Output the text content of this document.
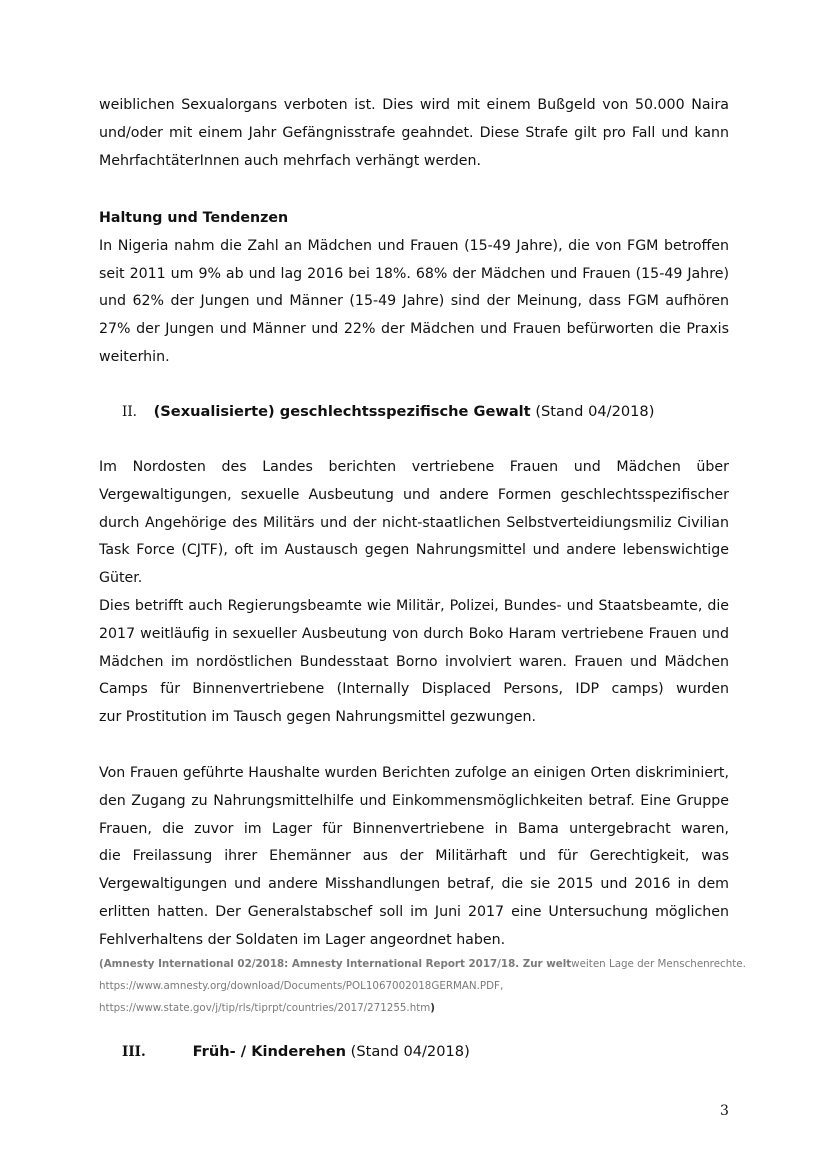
weiblichen Sexualorgans verboten ist. Dies wird mit einem Bußgeld von 50.000 Naira
und/oder mit einem Jahr Gefängnisstrafe geahndet. Diese Strafe gilt pro Fall und kann
MehrfachtäterInnen auch mehrfach verhängt werden.
Haltung und Tendenzen
In Nigeria nahm die Zahl an Mädchen und Frauen (15-49 Jahre), die von FGM betroffen
seit 2011 um 9% ab und lag 2016 bei 18%. 68% der Mädchen und Frauen (15-49 Jahre)
und 62% der Jungen und Männer (15-49 Jahre) sind der Meinung, dass FGM aufhören
27% der Jungen und Männer und 22% der Mädchen und Frauen befürworten die Praxis
weiterhin.
II. (Sexualisierte) geschlechtsspezifische Gewalt (Stand 04/2018)
Im Nordosten des Landes berichten vertriebene Frauen und Mädchen über
Vergewaltigungen, sexuelle Ausbeutung und andere Formen geschlechtsspezifischer
durch Angehörige des Militärs und der nicht-staatlichen Selbstverteidiungsmiliz Civilian
Task Force (CJTF), oft im Austausch gegen Nahrungsmittel und andere lebenswichtige
Güter.
Dies betrifft auch Regierungsbeamte wie Militär, Polizei, Bundes- und Staatsbeamte, die
2017 weitläufig in sexueller Ausbeutung von durch Boko Haram vertriebene Frauen und
Mädchen im nordöstlichen Bundesstaat Borno involviert waren. Frauen und Mädchen
Camps für Binnenvertriebene (Internally Displaced Persons, IDP camps) wurden
zur Prostitution im Tausch gegen Nahrungsmittel gezwungen.
Von Frauen geführte Haushalte wurden Berichten zufolge an einigen Orten diskriminiert,
den Zugang zu Nahrungsmittelhilfe und Einkommensmöglichkeiten betraf. Eine Gruppe
Frauen, die zuvor im Lager für Binnenvertriebene in Bama untergebracht waren,
die Freilassung ihrer Ehemänner aus der Militärhaft und für Gerechtigkeit, was
Vergewaltigungen und andere Misshandlungen betraf, die sie 2015 und 2016 in dem
erlitten hatten. Der Generalstabschef soll im Juni 2017 eine Untersuchung möglichen
Fehlverhaltens der Soldaten im Lager angeordnet haben.
(Amnesty International 02/2018: Amnesty International Report 2017/18. Zur weltweiten Lage der Menschenrechte.
https://www.amnesty.org/download/Documents/POL1067002018GERMAN.PDF,
https://www.state.gov/j/tip/rls/tiprpt/countries/2017/271255.htm)
III.	Früh- / Kinderehen (Stand 04/2018)
3
